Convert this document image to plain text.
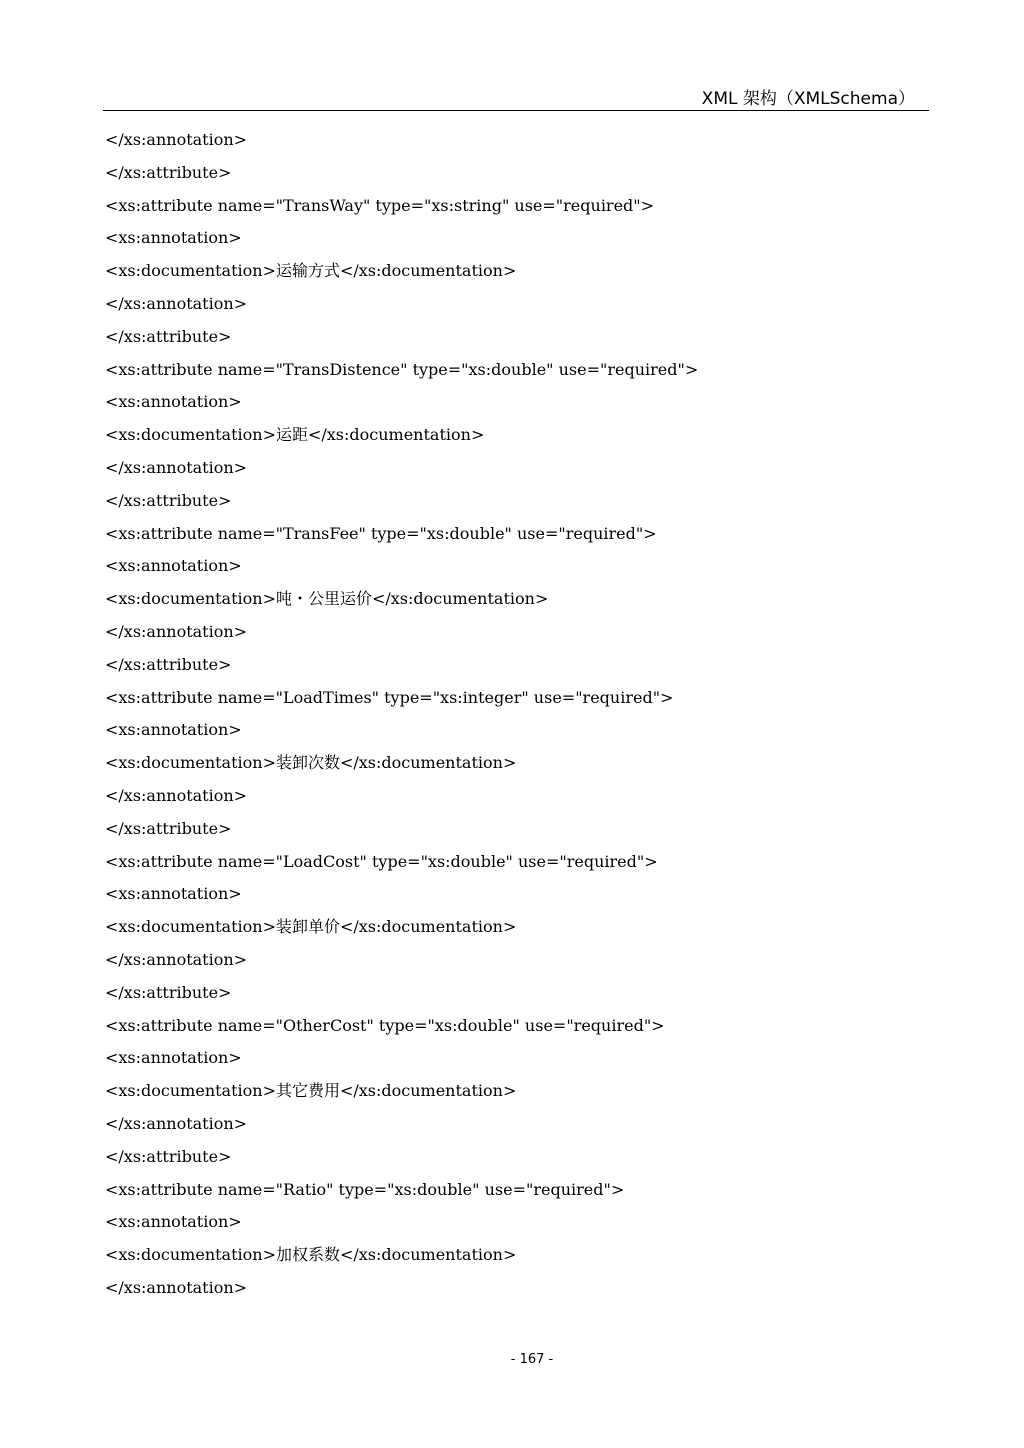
XML 架构（XMLSchema）
</xs:annotation>
</xs:attribute>
<xs:attribute name="TransWay" type="xs:string" use="required">
<xs:annotation>
<xs:documentation>运输方式</xs:documentation>
</xs:annotation>
</xs:attribute>
<xs:attribute name="TransDistence" type="xs:double" use="required">
<xs:annotation>
<xs:documentation>运距</xs:documentation>
</xs:annotation>
</xs:attribute>
<xs:attribute name="TransFee" type="xs:double" use="required">
<xs:annotation>
<xs:documentation>吨・公里运价</xs:documentation>
</xs:annotation>
</xs:attribute>
<xs:attribute name="LoadTimes" type="xs:integer" use="required">
<xs:annotation>
<xs:documentation>装卸次数</xs:documentation>
</xs:annotation>
</xs:attribute>
<xs:attribute name="LoadCost" type="xs:double" use="required">
<xs:annotation>
<xs:documentation>装卸单价</xs:documentation>
</xs:annotation>
</xs:attribute>
<xs:attribute name="OtherCost" type="xs:double" use="required">
<xs:annotation>
<xs:documentation>其它费用</xs:documentation>
</xs:annotation>
</xs:attribute>
<xs:attribute name="Ratio" type="xs:double" use="required">
<xs:annotation>
<xs:documentation>加权系数</xs:documentation>
</xs:annotation>
- 167 -
